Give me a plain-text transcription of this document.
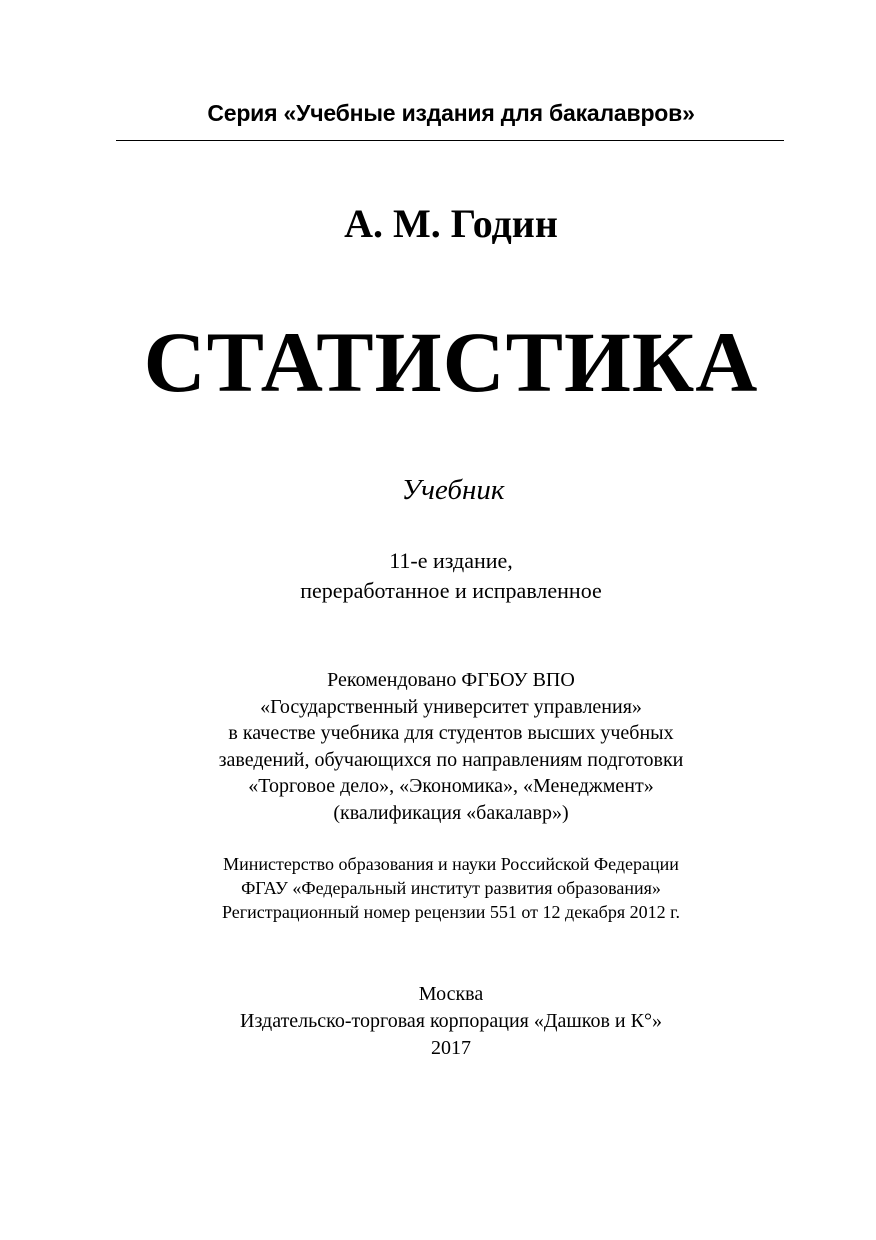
Серия «Учебные издания для бакалавров»
А. М. Годин
СТАТИСТИКА
Учебник
11-е издание,
переработанное и исправленное
Рекомендовано ФГБОУ ВПО
«Государственный университет управления»
в качестве учебника для студентов высших учебных
заведений, обучающихся по направлениям подготовки
«Торговое дело», «Экономика», «Менеджмент»
(квалификация «бакалавр»)
Министерство образования и науки Российской Федерации
ФГАУ «Федеральный институт развития образования»
Регистрационный номер рецензии 551 от 12 декабря 2012 г.
Москва
Издательско-торговая корпорация «Дашков и К°»
2017
